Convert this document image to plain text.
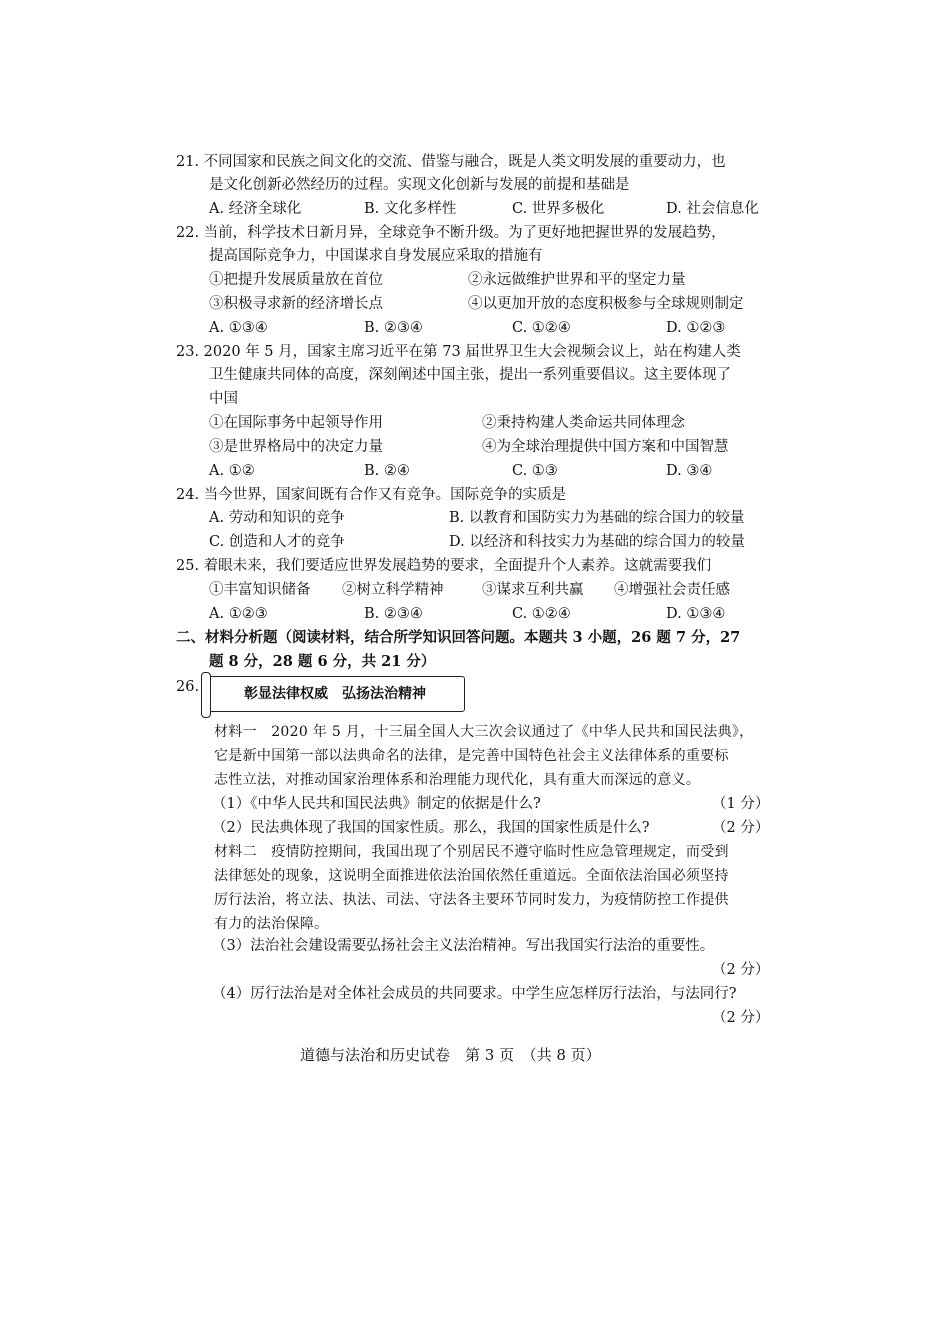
21. 不同国家和民族之间文化的交流、借鉴与融合，既是人类文明发展的重要动力，也
是文化创新必然经历的过程。实现文化创新与发展的前提和基础是
A. 经济全球化	B. 文化多样性	C. 世界多极化	D. 社会信息化
22. 当前，科学技术日新月异，全球竞争不断升级。为了更好地把握世界的发展趋势，
提高国际竞争力，中国谋求自身发展应采取的措施有
①把提升发展质量放在首位	②永远做维护世界和平的坚定力量
③积极寻求新的经济增长点	④以更加开放的态度积极参与全球规则制定
A. ①③④	B. ②③④	C. ①②④	D. ①②③
23. 2020 年 5 月，国家主席习近平在第 73 届世界卫生大会视频会议上，站在构建人类
卫生健康共同体的高度，深刻阐述中国主张，提出一系列重要倡议。这主要体现了
中国
①在国际事务中起领导作用	②秉持构建人类命运共同体理念
③是世界格局中的决定力量	④为全球治理提供中国方案和中国智慧
A. ①②	B. ②④	C. ①③	D. ③④
24. 当今世界，国家间既有合作又有竞争。国际竞争的实质是
A. 劳动和知识的竞争	B. 以教育和国防实力为基础的综合国力的较量
C. 创造和人才的竞争	D. 以经济和科技实力为基础的综合国力的较量
25. 着眼未来，我们要适应世界发展趋势的要求，全面提升个人素养。这就需要我们
①丰富知识储备 ②树立科学精神	③谋求互利共赢 ④增强社会责任感
A. ①②③	B. ②③④	C. ①②④	D. ①③④
二、材料分析题（阅读材料，结合所学知识回答问题。本题共 3 小题，26 题 7 分，27
题 8 分，28 题 6 分，共 21 分）
26.	彰显法律权威　弘扬法治精神
材料一　2020 年 5 月，十三届全国人大三次会议通过了《中华人民共和国民法典》，
它是新中国第一部以法典命名的法律，是完善中国特色社会主义法律体系的重要标
志性立法，对推动国家治理体系和治理能力现代化，具有重大而深远的意义。
（1）《中华人民共和国民法典》制定的依据是什么?	（1 分）
（2）民法典体现了我国的国家性质。那么，我国的国家性质是什么?	（2 分）
材料二　疫情防控期间，我国出现了个别居民不遵守临时性应急管理规定，而受到
法律惩处的现象，这说明全面推进依法治国依然任重道远。全面依法治国必须坚持
厉行法治，将立法、执法、司法、守法各主要环节同时发力，为疫情防控工作提供
有力的法治保障。
（3）法治社会建设需要弘扬社会主义法治精神。写出我国实行法治的重要性。
（2 分）
（4）厉行法治是对全体社会成员的共同要求。中学生应怎样厉行法治，与法同行?
（2 分）
道德与法治和历史试卷　第 3 页　（共 8 页）
